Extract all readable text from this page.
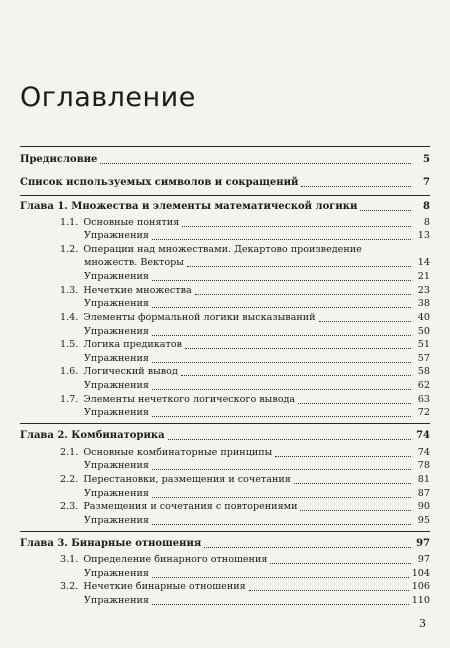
Оглавление
Предисловие	5
Список используемых символов и сокращений	7
Глава 1. Множества и элементы математической логики	8
1.1. Основные понятия	8
Упражнения	13
1.2. Операции над множествами. Декартово произведение
множеств. Векторы	14
Упражнения	21
1.3. Нечеткие множества	23
Упражнения	38
1.4. Элементы формальной логики высказываний	40
Упражнения	50
1.5. Логика предикатов	51
Упражнения	57
1.6. Логический вывод	58
Упражнения	62
1.7. Элементы нечеткого логического вывода	63
Упражнения	72
Глава 2. Комбинаторика	74
2.1. Основные комбинаторные принципы	74
Упражнения	78
2.2. Перестановки, размещения и сочетания	81
Упражнения	87
2.3. Размещения и сочетания с повторениями	90
Упражнения	95
Глава 3. Бинарные отношения	97
3.1. Определение бинарного отношения	97
Упражнения	104
3.2. Нечеткие бинарные отношения	106
Упражнения	110
3
